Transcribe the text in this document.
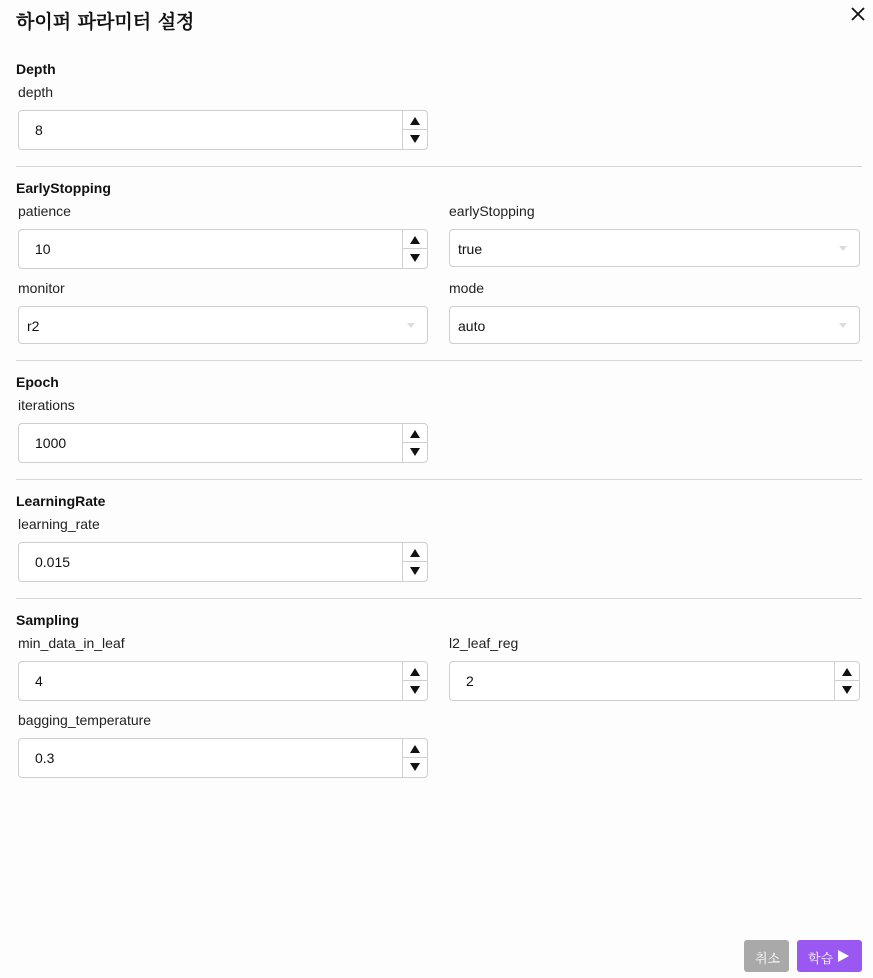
하이퍼 파라미터 설정
Depth
depth
8
EarlyStopping
patience
10
earlyStopping
true
monitor
r2
mode
auto
Epoch
iterations
1000
LearningRate
learning_rate
0.015
Sampling
min_data_in_leaf
4
l2_leaf_reg
2
bagging_temperature
0.3
취소 학습
